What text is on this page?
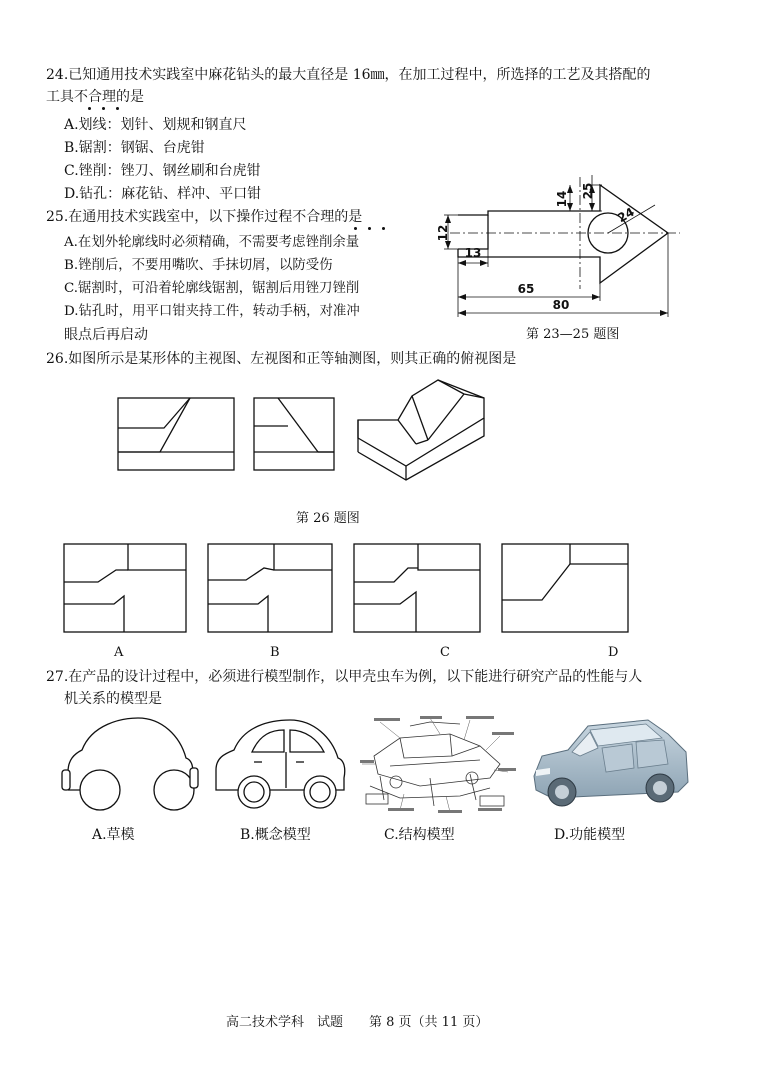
24.已知通用技术实践室中麻花钻头的最大直径是 16㎜，在加工过程中，所选择的工艺及其搭配的
工具不合理的是
A.划线：划针、划规和钢直尺
B.锯割：钢锯、台虎钳
C.锉削：锉刀、钢丝刷和台虎钳
D.钻孔：麻花钻、样冲、平口钳
25.在通用技术实践室中，以下操作过程不合理的是
A.在划外轮廓线时必须精确，不需要考虑锉削余量
B.锉削后，不要用嘴吹、手抹切屑，以防受伤
C.锯割时，可沿着轮廓线锯割，锯割后用锉刀锉削
D.钻孔时，用平口钳夹持工件，转动手柄，对准冲
眼点后再启动
14 25
12
13
24
65
80
第 23—25 题图
26.如图所示是某形体的主视图、左视图和正等轴测图，则其正确的俯视图是
第 26 题图
A	B	C	D
27.在产品的设计过程中，必须进行模型制作，以甲壳虫车为例，以下能进行研究产品的性能与人
机关系的模型是
A.草模	B.概念模型	C.结构模型	D.功能模型
高二技术学科　试题　　第 8 页（共 11 页）
